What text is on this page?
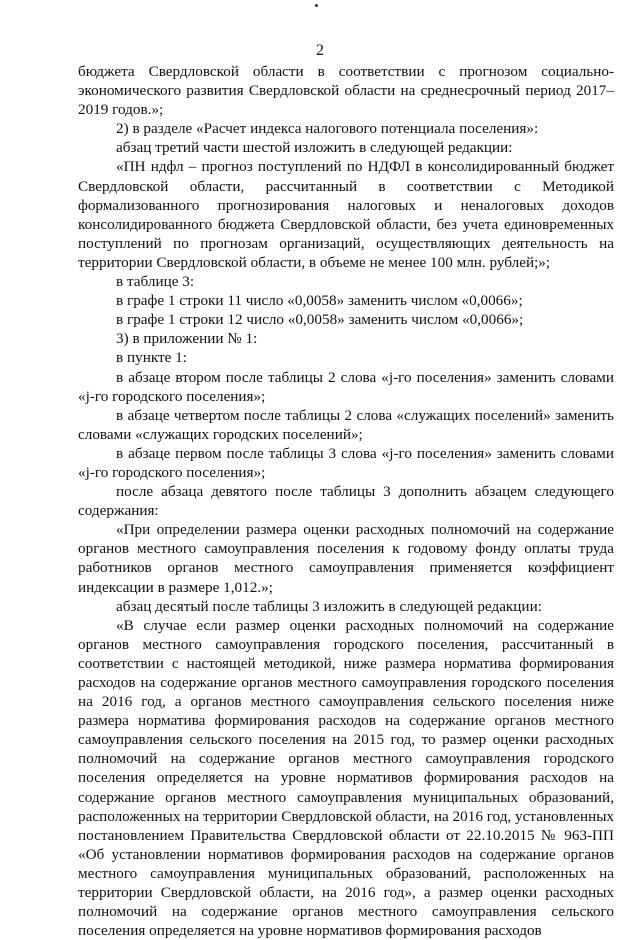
2

бюджета Свердловской области в соответствии с прогнозом социально-экономического развития Свердловской области на среднесрочный период 2017–2019 годов.»;

2) в разделе «Расчет индекса налогового потенциала поселения»:

абзац третий части шестой изложить в следующей редакции:

«ПН ндфл – прогноз поступлений по НДФЛ в консолидированный бюджет Свердловской области, рассчитанный в соответствии с Методикой формализованного прогнозирования налоговых и неналоговых доходов консолидированного бюджета Свердловской области, без учета единовременных поступлений по прогнозам организаций, осуществляющих деятельность на территории Свердловской области, в объеме не менее 100 млн. рублей;»;

в таблице 3:

в графе 1 строки 11 число «0,0058» заменить числом «0,0066»;

в графе 1 строки 12 число «0,0058» заменить числом «0,0066»;

3) в приложении № 1:

в пункте 1:

в абзаце втором после таблицы 2 слова «j-го поселения» заменить словами «j-го городского поселения»;

в абзаце четвертом после таблицы 2 слова «служащих поселений» заменить словами «служащих городских поселений»;

в абзаце первом после таблицы 3 слова «j-го поселения» заменить словами «j-го городского поселения»;

после абзаца девятого после таблицы 3 дополнить абзацем следующего содержания:

«При определении размера оценки расходных полномочий на содержание органов местного самоуправления поселения к годовому фонду оплаты труда работников органов местного самоуправления применяется коэффициент индексации в размере 1,012.»;

абзац десятый после таблицы 3 изложить в следующей редакции:

«В случае если размер оценки расходных полномочий на содержание органов местного самоуправления городского поселения, рассчитанный в соответствии с настоящей методикой, ниже размера норматива формирования расходов на содержание органов местного самоуправления городского поселения на 2016 год, а органов местного самоуправления сельского поселения ниже размера норматива формирования расходов на содержание органов местного самоуправления сельского поселения на 2015 год, то размер оценки расходных полномочий на содержание органов местного самоуправления городского поселения определяется на уровне нормативов формирования расходов на содержание органов местного самоуправления муниципальных образований, расположенных на территории Свердловской области, на 2016 год, установленных постановлением Правительства Свердловской области от 22.10.2015 № 963-ПП «Об установлении нормативов формирования расходов на содержание органов местного самоуправления муниципальных образований, расположенных на территории Свердловской области, на 2016 год», а размер оценки расходных полномочий на содержание органов местного самоуправления сельского поселения определяется на уровне нормативов формирования расходов
